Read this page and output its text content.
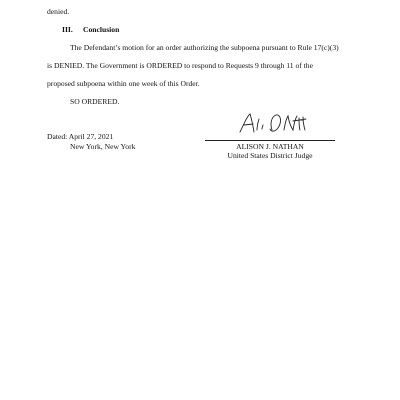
denied.
III. Conclusion
The Defendant’s motion for an order authorizing the subpoena pursuant to Rule 17(c)(3)
is DENIED. The Government is ORDERED to respond to Requests 9 through 11 of the
proposed subpoena within one week of this Order.
SO ORDERED.
Dated: April 27, 2021
New York, New York	ALISON J. NATHAN
United States District Judge
